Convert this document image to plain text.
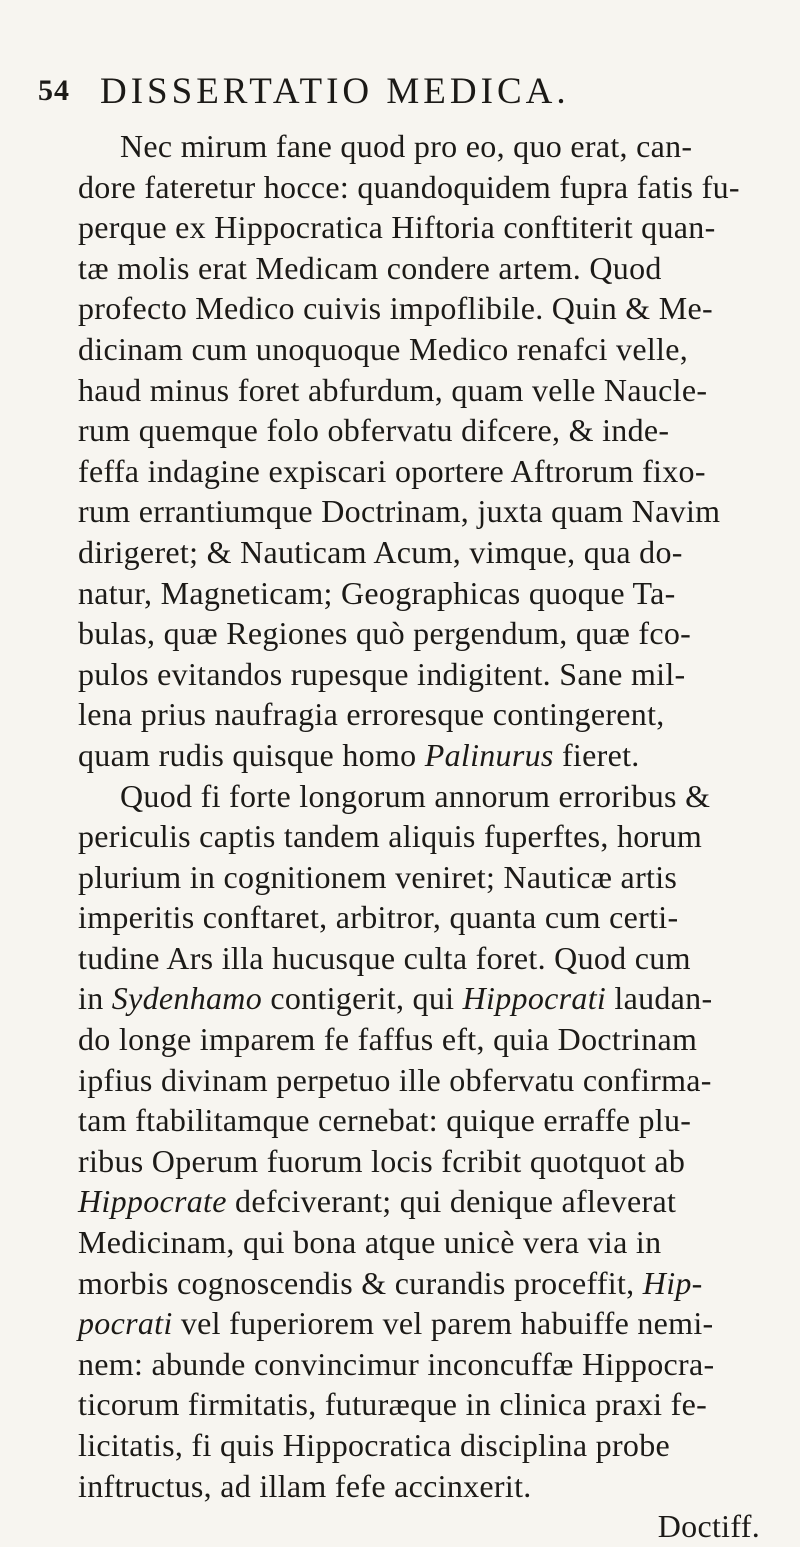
54 DISSERTATIO MEDICA.
Nec mirum fane quod pro eo, quo erat, can-
dore fateretur hocce: quandoquidem fupra fatis fu-
perque ex Hippocratica Hiftoria conftiterit quan-
tæ molis erat Medicam condere artem. Quod
profecto Medico cuivis impoflibile. Quin & Me-
dicinam cum unoquoque Medico renafci velle,
haud minus foret abfurdum, quam velle Naucle-
rum quemque folo obfervatu difcere, & inde-
feffa indagine expiscari oportere Aftrorum fixo-
rum errantiumque Doctrinam, juxta quam Navim
dirigeret; & Nauticam Acum, vimque, qua do-
natur, Magneticam; Geographicas quoque Ta-
bulas, quæ Regiones quò pergendum, quæ fco-
pulos evitandos rupesque indigitent. Sane mil-
lena prius naufragia erroresque contingerent,
quam rudis quisque homo Palinurus fieret.
Quod fi forte longorum annorum erroribus &
periculis captis tandem aliquis fuperftes, horum
plurium in cognitionem veniret; Nauticæ artis
imperitis conftaret, arbitror, quanta cum certi-
tudine Ars illa hucusque culta foret. Quod cum
in Sydenhamo contigerit, qui Hippocrati laudan-
do longe imparem fe faffus eft, quia Doctrinam
ipfius divinam perpetuo ille obfervatu confirma-
tam ftabilitamque cernebat: quique erraffe plu-
ribus Operum fuorum locis fcribit quotquot ab
Hippocrate defciverant; qui denique afleverat
Medicinam, qui bona atque unicè vera via in
morbis cognoscendis & curandis proceffit, Hip-
pocrati vel fuperiorem vel parem habuiffe nemi-
nem: abunde convincimur inconcuffæ Hippocra-
ticorum firmitatis, futuræque in clinica praxi fe-
licitatis, fi quis Hippocratica disciplina probe
inftructus, ad illam fefe accinxerit.
Doctiff.
